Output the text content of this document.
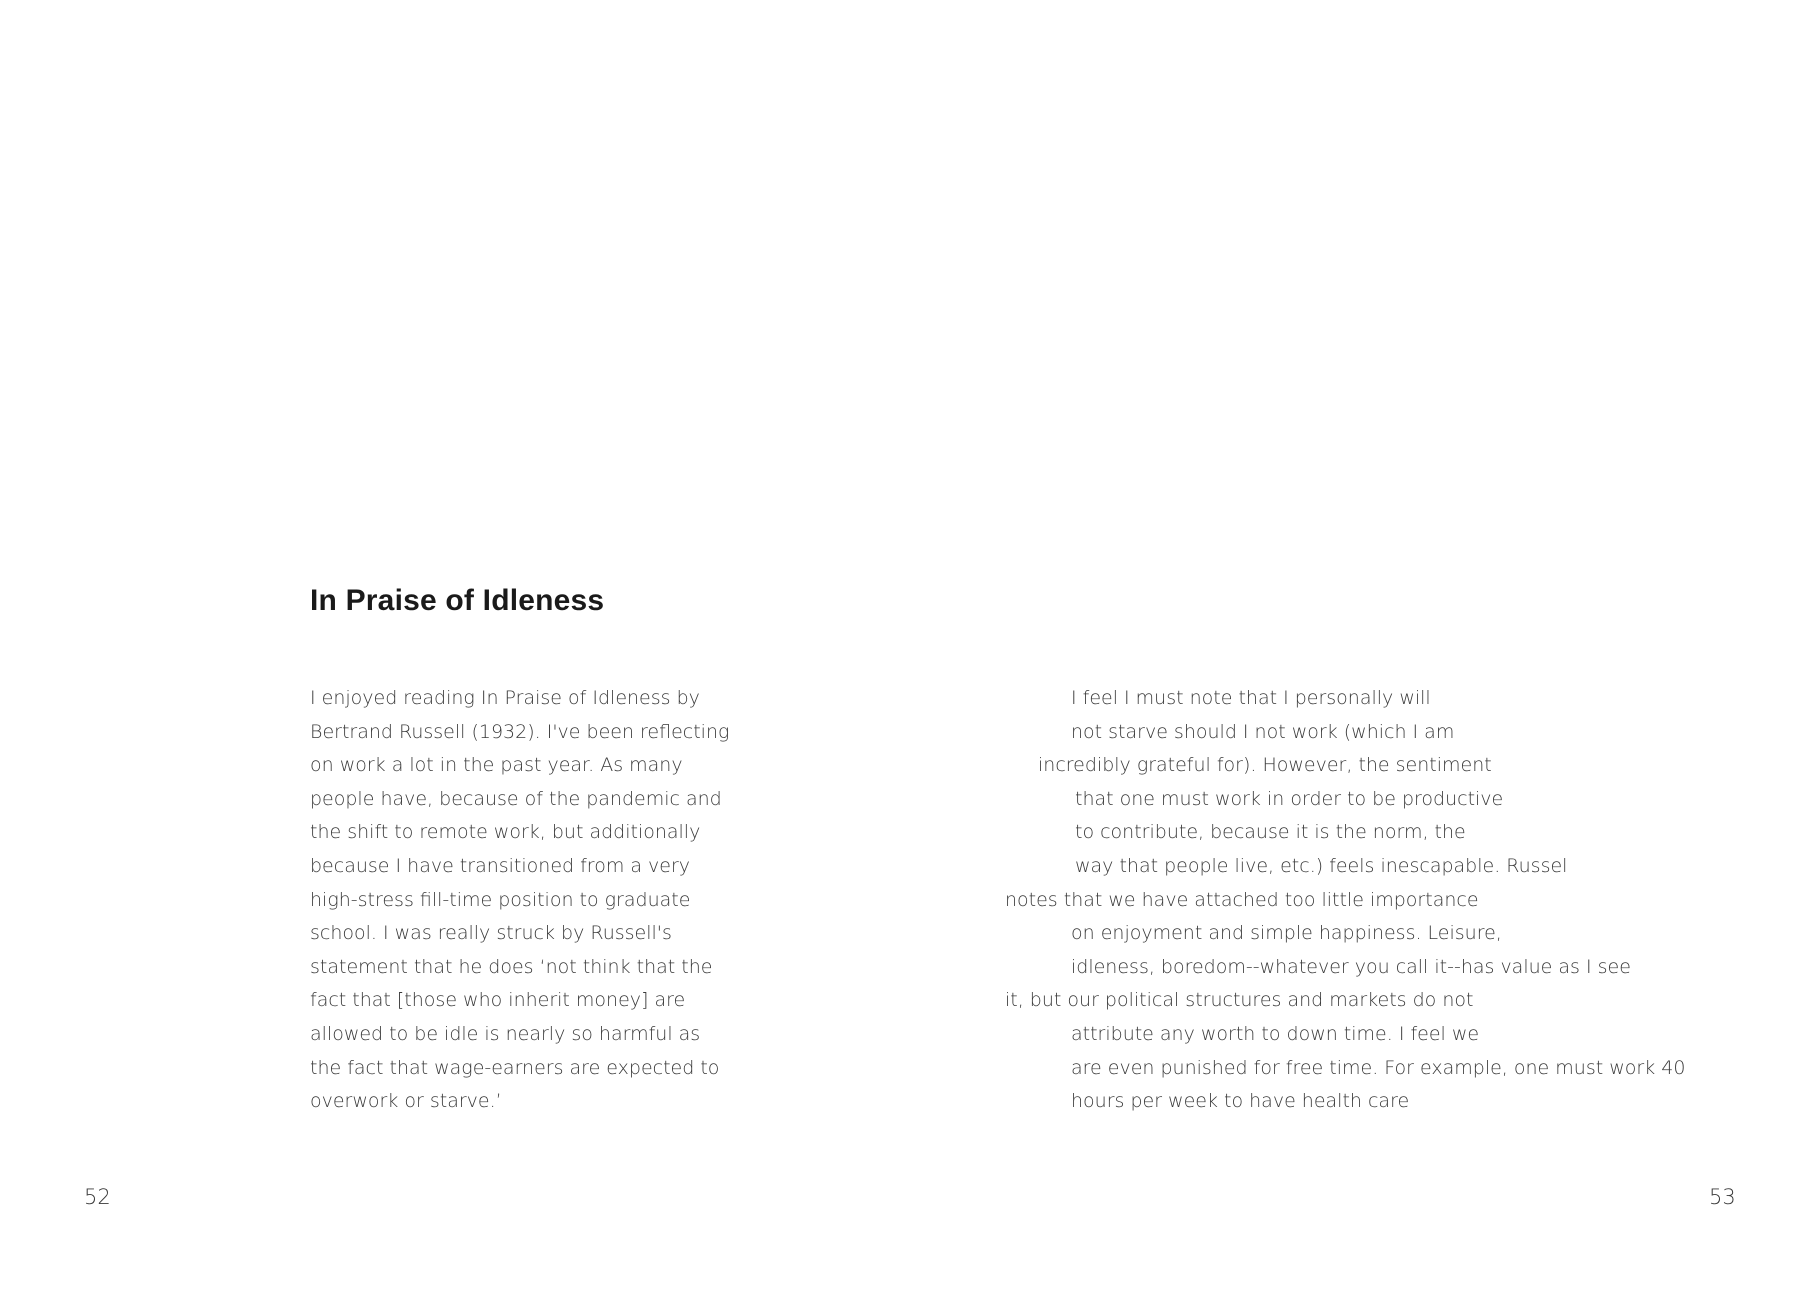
In Praise of Idleness
I enjoyed reading In Praise of Idleness by
Bertrand Russell (1932). I've been reflecting
on work a lot in the past year. As many
people have, because of the pandemic and
the shift to remote work, but additionally
because I have transitioned from a very
high-stress fill-time position to graduate
school. I was really struck by Russell's
statement that he does ‘not think that the
fact that [those who inherit money] are
allowed to be idle is nearly so harmful as
the fact that wage-earners are expected to
overwork or starve.’
I feel I must note that I personally will
not starve should I not work (which I am
incredibly grateful for). However, the sentiment
that one must work in order to be productive
to contribute, because it is the norm, the
way that people live, etc.) feels inescapable. Russel
notes that we have attached too little importance
on enjoyment and simple happiness. Leisure,
idleness, boredom--whatever you call it--has value as I see
it, but our political structures and markets do not
attribute any worth to down time. I feel we
are even punished for free time. For example, one must work 40
hours per week to have health care
52	53
